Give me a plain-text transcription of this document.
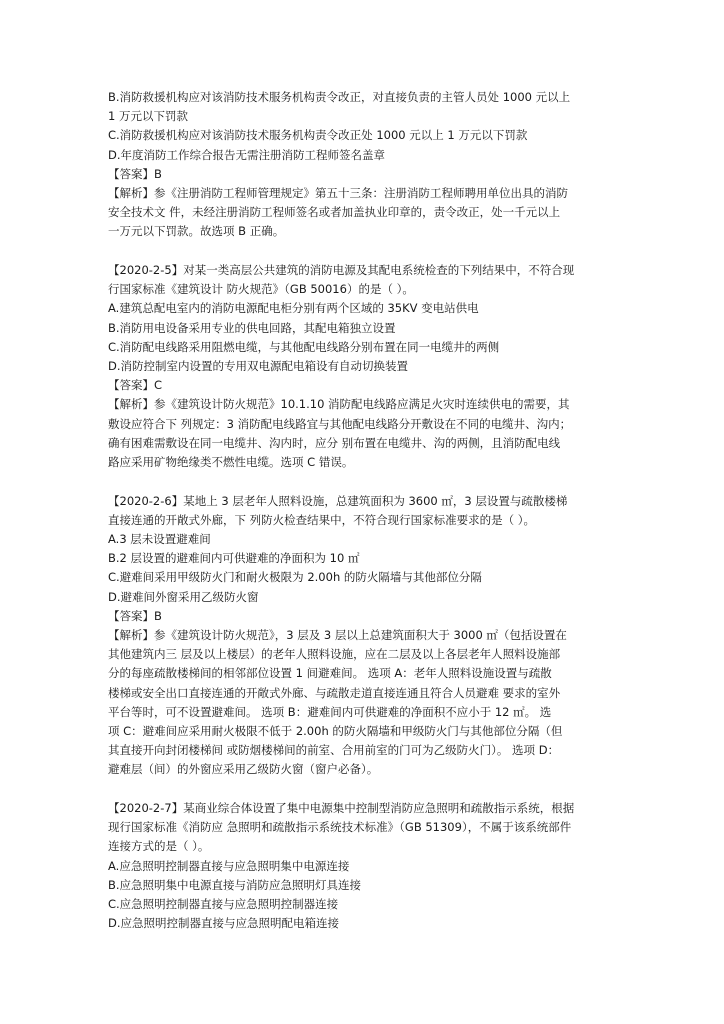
B.消防救援机构应对该消防技术服务机构责令改正，对直接负责的主管人员处 1000 元以上
1 万元以下罚款
C.消防救援机构应对该消防技术服务机构责令改正处 1000 元以上 1 万元以下罚款
D.年度消防工作综合报告无需注册消防工程师签名盖章
【答案】B
【解析】参《注册消防工程师管理规定》第五十三条：注册消防工程师聘用单位出具的消防
安全技术文 件，未经注册消防工程师签名或者加盖执业印章的，责令改正，处一千元以上
一万元以下罚款。故选项 B 正确。
【2020-2-5】对某一类高层公共建筑的消防电源及其配电系统检查的下列结果中，不符合现
行国家标准《建筑设计 防火规范》（GB 50016）的是（ ）。
A.建筑总配电室内的消防电源配电柜分别有两个区域的 35KV 变电站供电
B.消防用电设备采用专业的供电回路，其配电箱独立设置
C.消防配电线路采用阻燃电缆，与其他配电线路分别布置在同一电缆井的两侧
D.消防控制室内设置的专用双电源配电箱设有自动切换装置
【答案】C
【解析】参《建筑设计防火规范》10.1.10 消防配电线路应满足火灾时连续供电的需要，其
敷设应符合下 列规定：3 消防配电线路宜与其他配电线路分开敷设在不同的电缆井、沟内；
确有困难需敷设在同一电缆井、沟内时，应分 别布置在电缆井、沟的两侧，且消防配电线
路应采用矿物绝缘类不燃性电缆。选项 C 错误。
【2020-2-6】某地上 3 层老年人照料设施，总建筑面积为 3600 ㎡，3 层设置与疏散楼梯
直接连通的开敞式外廊，下 列防火检查结果中，不符合现行国家标准要求的是（ ）。
A.3 层未设置避难间
B.2 层设置的避难间内可供避难的净面积为 10 ㎡
C.避难间采用甲级防火门和耐火极限为 2.00h 的防火隔墙与其他部位分隔
D.避难间外窗采用乙级防火窗
【答案】B
【解析】参《建筑设计防火规范》，3 层及 3 层以上总建筑面积大于 3000 ㎡（包括设置在
其他建筑内三 层及以上楼层）的老年人照料设施，应在二层及以上各层老年人照料设施部
分的每座疏散楼梯间的相邻部位设置 1 间避难间。 选项 A：老年人照料设施设置与疏散
楼梯或安全出口直接连通的开敞式外廊、与疏散走道直接连通且符合人员避难 要求的室外
平台等时，可不设置避难间。 选项 B：避难间内可供避难的净面积不应小于 12 ㎡。 选
项 C：避难间应采用耐火极限不低于 2.00h 的防火隔墙和甲级防火门与其他部位分隔（但
其直接开向封闭楼梯间 或防烟楼梯间的前室、合用前室的门可为乙级防火门）。 选项 D：
避难层（间）的外窗应采用乙级防火窗（窗户必备）。
【2020-2-7】某商业综合体设置了集中电源集中控制型消防应急照明和疏散指示系统，根据
现行国家标准《消防应 急照明和疏散指示系统技术标准》（GB 51309），不属于该系统部件
连接方式的是（ ）。
A.应急照明控制器直接与应急照明集中电源连接
B.应急照明集中电源直接与消防应急照明灯具连接
C.应急照明控制器直接与应急照明控制器连接
D.应急照明控制器直接与应急照明配电箱连接
